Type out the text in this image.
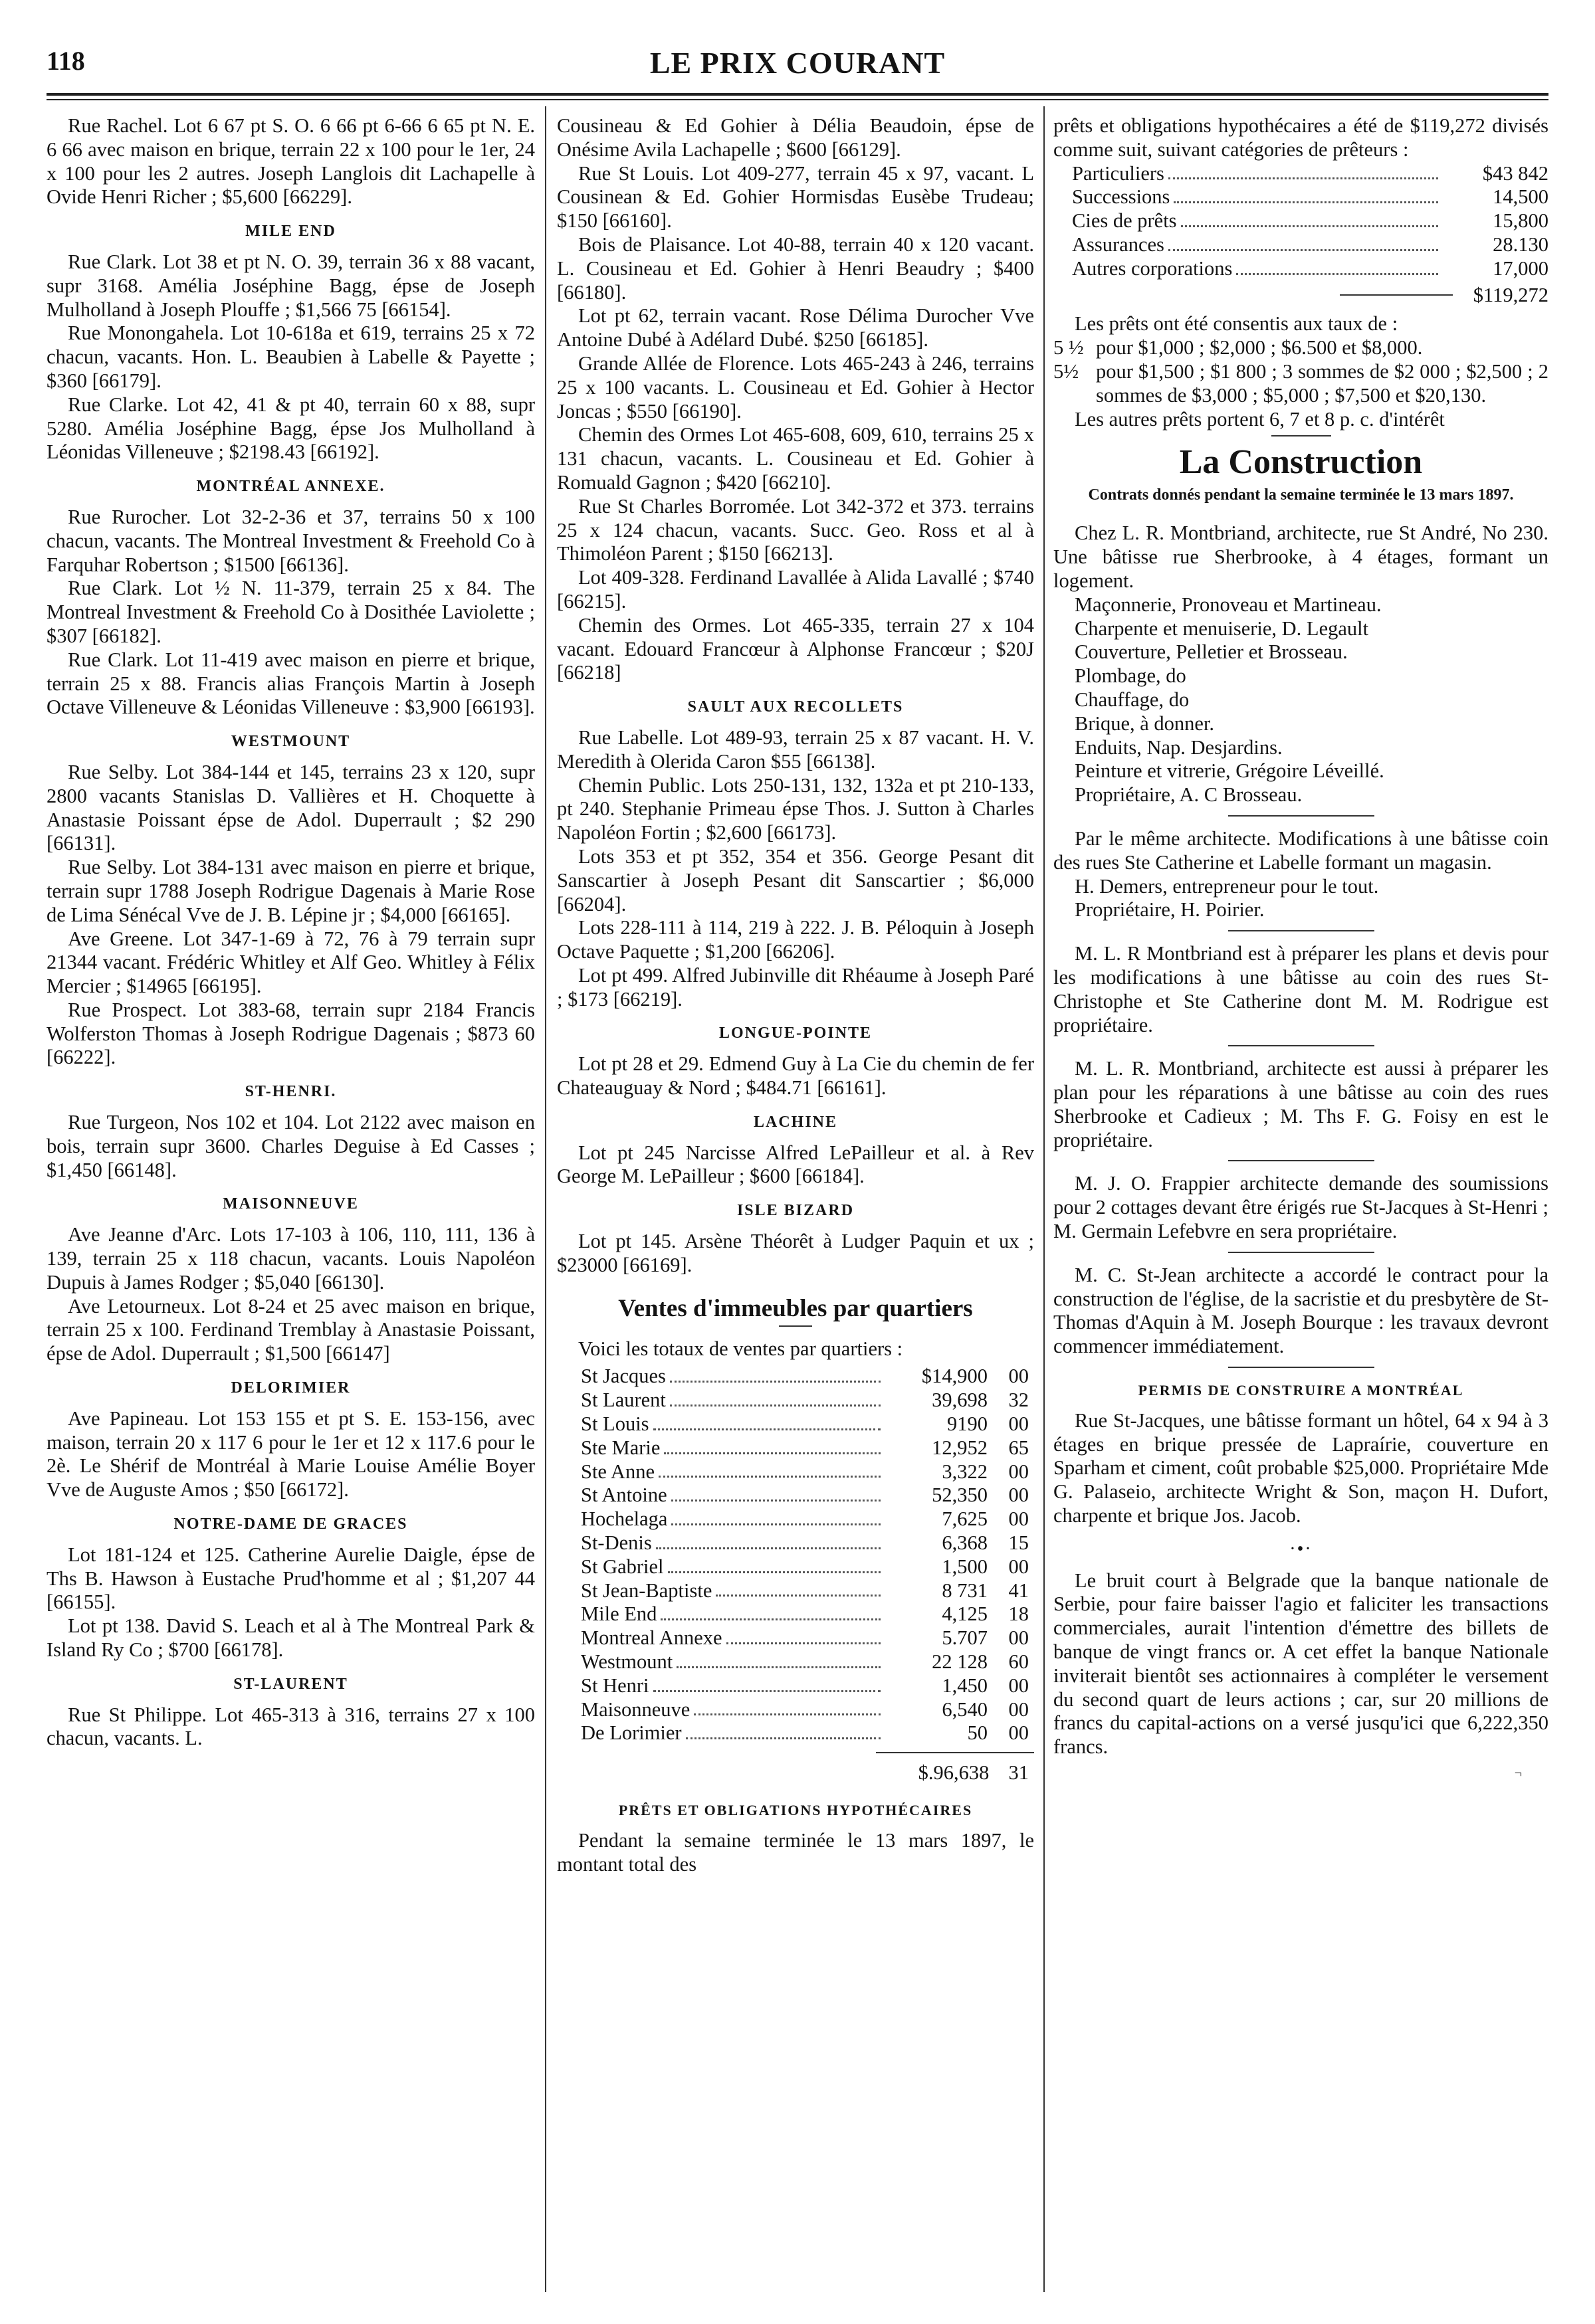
LE PRIX COURANT
118

Rue Rachel. Lot 6 67 pt S. O. 6 66 pt 6-66 6 65 pt N. E. 6 66 avec maison en brique, terrain 22 x 100 pour le 1er, 24 x 100 pour les 2 autres. Joseph Langlois dit Lachapelle à Ovide Henri Richer ; $5,600 [66229].

MILE END

Rue Clark. Lot 38 et pt N. O. 39, terrain 36 x 88 vacant, supr 3168. Amélia Joséphine Bagg, épse de Joseph Mulholland à Joseph Plouffe ; $1,566 75 [66154].

Rue Monongahela. Lot 10-618a et 619, terrains 25 x 72 chacun, vacants. Hon. L. Beaubien à Labelle & Payette ; $360 [66179].

Rue Clarke. Lot 42, 41 & pt 40, terrain 60 x 88, supr 5280. Amélia Joséphine Bagg, épse Jos Mulholland à Léonidas Villeneuve ; $2198.43 [66192].

MONTRÉAL ANNEXE.

Rue Rurocher. Lot 32-2-36 et 37, terrains 50 x 100 chacun, vacants. The Montreal Investment & Freehold Co à Farquhar Robertson ; $1500 [66136].

Rue Clark. Lot ½ N. 11-379, terrain 25 x 84. The Montreal Investment & Freehold Co à Dosithée Laviolette ; $307 [66182].

Rue Clark. Lot 11-419 avec maison en pierre et brique, terrain 25 x 88. Francis alias François Martin à Joseph Octave Villeneuve & Léonidas Villeneuve : $3,900 [66193].

WESTMOUNT

Rue Selby. Lot 384-144 et 145, terrains 23 x 120, supr 2800 vacants Stanislas D. Vallières et H. Choquette à Anastasie Poissant épse de Adol. Duperrault ; $2 290 [66131].

Rue Selby. Lot 384-131 avec maison en pierre et brique, terrain supr 1788 Joseph Rodrigue Dagenais à Marie Rose de Lima Sénécal Vve de J. B. Lépine jr ; $4,000 [66165].

Ave Greene. Lot 347-1-69 à 72, 76 à 79 terrain supr 21344 vacant. Frédéric Whitley et Alf Geo. Whitley à Félix Mercier ; $14965 [66195].

Rue Prospect. Lot 383-68, terrain supr 2184 Francis Wolferston Thomas à Joseph Rodrigue Dagenais ; $873 60 [66222].

ST-HENRI.

Rue Turgeon, Nos 102 et 104. Lot 2122 avec maison en bois, terrain supr 3600. Charles Deguise à Ed Casses ; $1,450 [66148].

MAISONNEUVE

Ave Jeanne d'Arc. Lots 17-103 à 106, 110, 111, 136 à 139, terrain 25 x 118 chacun, vacants. Louis Napoléon Dupuis à James Rodger ; $5,040 [66130].

Ave Letourneux. Lot 8-24 et 25 avec maison en brique, terrain 25 x 100. Ferdinand Tremblay à Anastasie Poissant, épse de Adol. Duperrault ; $1,500 [66147]

DELORIMIER

Ave Papineau. Lot 153 155 et pt S. E. 153-156, avec maison, terrain 20 x 117 6 pour le 1er et 12 x 117.6 pour le 2è. Le Shérif de Montréal à Marie Louise Amélie Boyer Vve de Auguste Amos ; $50 [66172].

NOTRE-DAME DE GRACES

Lot 181-124 et 125. Catherine Aurelie Daigle, épse de Ths B. Hawson à Eustache Prud'homme et al ; $1,207 44 [66155].

Lot pt 138. David S. Leach et al à The Montreal Park & Island Ry Co ; $700 [66178].

ST-LAURENT

Rue St Philippe. Lot 465-313 à 316, terrains 27 x 100 chacun, vacants. L.

Cousineau & Ed Gohier à Délia Beaudoin, épse de Onésime Avila Lachapelle ; $600 [66129].

Rue St Louis. Lot 409-277, terrain 45 x 97, vacant. L Cousinean & Ed. Gohier Hormisdas Eusèbe Trudeau; $150 [66160].

Bois de Plaisance. Lot 40-88, terrain 40 x 120 vacant. L. Cousineau et Ed. Gohier à Henri Beaudry ; $400 [66180].

Lot pt 62, terrain vacant. Rose Délima Durocher Vve Antoine Dubé à Adélard Dubé. $250 [66185].

Grande Allée de Florence. Lots 465-243 à 246, terrains 25 x 100 vacants. L. Cousineau et Ed. Gohier à Hector Joncas ; $550 [66190].

Chemin des Ormes Lot 465-608, 609, 610, terrains 25 x 131 chacun, vacants. L. Cousineau et Ed. Gohier à Romuald Gagnon ; $420 [66210].

Rue St Charles Borromée. Lot 342-372 et 373. terrains 25 x 124 chacun, vacants. Succ. Geo. Ross et al à Thimoléon Parent ; $150 [66213].

Lot 409-328. Ferdinand Lavallée à Alida Lavallé ; $740 [66215].

Chemin des Ormes. Lot 465-335, terrain 27 x 104 vacant. Edouard Francœur à Alphonse Francœur ; $20J [66218]

SAULT AUX RECOLLETS

Rue Labelle. Lot 489-93, terrain 25 x 87 vacant. H. V. Meredith à Olerida Caron $55 [66138].

Chemin Public. Lots 250-131, 132, 132a et pt 210-133, pt 240. Stephanie Primeau épse Thos. J. Sutton à Charles Napoléon Fortin ; $2,600 [66173].

Lots 353 et pt 352, 354 et 356. George Pesant dit Sanscartier à Joseph Pesant dit Sanscartier ; $6,000 [66204].

Lots 228-111 à 114, 219 à 222. J. B. Péloquin à Joseph Octave Paquette ; $1,200 [66206].

Lot pt 499. Alfred Jubinville dit Rhéaume à Joseph Paré ; $173 [66219].

LONGUE-POINTE

Lot pt 28 et 29. Edmend Guy à La Cie du chemin de fer Chateauguay & Nord ; $484.71 [66161].

LACHINE

Lot pt 245 Narcisse Alfred LePailleur et al. à Rev George M. LePailleur ; $600 [66184].

ISLE BIZARD

Lot pt 145. Arsène Théorêt à Ludger Paquin et ux ; $23000 [66169].

Ventes d'immeubles par quartiers

Voici les totaux de ventes par quartiers :

St Jacques	$14,900	00
St Laurent	39,698	32
St Louis	9190	00
Ste Marie	12,952	65
Ste Anne	3,322	00
St Antoine	52,350	00
Hochelaga	7,625	00
St-Denis	6,368	15
St Gabriel	1,500	00
St Jean-Baptiste	8 731	41
Mile End	4,125	18
Montreal Annexe	5.707	00
Westmount	22 128	60
St Henri	1,450	00
Maisonneuve	6,540	00
De Lorimier	50	00
$.96,638 31
PRÊTS ET OBLIGATIONS HYPOTHÉCAIRES

Pendant la semaine terminée le 13 mars 1897, le montant total des

prêts et obligations hypothécaires a été de $119,272 divisés comme suit, suivant catégories de prêteurs :

Particuliers	$43 842
Successions	14,500
Cies de prêts	15,800
Assurances	28.130
Autres corporations	17,000
$119,272

Les prêts ont été consentis aux taux de :

5 ½ pour $1,000 ; $2,000 ; $6.500 et $8,000.
5½ pour $1,500 ; $1 800 ; 3 sommes de $2 000 ; $2,500 ; 2 sommes de $3,000 ; $5,000 ; $7,500 et $20,130.

Les autres prêts portent 6, 7 et 8 p. c. d'intérêt

La Construction
Contrats donnés pendant la semaine terminée le 13 mars 1897.

Chez L. R. Montbriand, architecte, rue St André, No 230. Une bâtisse rue Sherbrooke, à 4 étages, formant un logement.

Maçonnerie, Pronoveau et Martineau.

Charpente et menuiserie, D. Legault

Couverture, Pelletier et Brosseau.

Plombage, do

Chauffage, do

Brique, à donner.

Enduits, Nap. Desjardins.

Peinture et vitrerie, Grégoire Léveillé.

Propriétaire, A. C Brosseau.

Par le même architecte. Modifications à une bâtisse coin des rues Ste Catherine et Labelle formant un magasin.

H. Demers, entrepreneur pour le tout.

Propriétaire, H. Poirier.

M. L. R Montbriand est à préparer les plans et devis pour les modifications à une bâtisse au coin des rues St-Christophe et Ste Catherine dont M. M. Rodrigue est propriétaire.

M. L. R. Montbriand, architecte est aussi à préparer les plan pour les réparations à une bâtisse au coin des rues Sherbrooke et Cadieux ; M. Ths F. G. Foisy en est le propriétaire.

M. J. O. Frappier architecte demande des soumissions pour 2 cottages devant être érigés rue St-Jacques à St-Henri ; M. Germain Lefebvre en sera propriétaire.

M. C. St-Jean architecte a accordé le contract pour la construction de l'église, de la sacristie et du presbytère de St-Thomas d'Aquin à M. Joseph Bourque : les travaux devront commencer immédiatement.

PERMIS DE CONSTRUIRE A MONTRÉAL

Rue St-Jacques, une bâtisse formant un hôtel, 64 x 94 à 3 étages en brique pressée de Lapraírie, couverture en Sparham et ciment, coût probable $25,000. Propriétaire Mde G. Palaseio, architecte Wright & Son, maçon H. Dufort, charpente et brique Jos. Jacob.

·•·

Le bruit court à Belgrade que la banque nationale de Serbie, pour faire baisser l'agio et faliciter les transactions commerciales, aurait l'intention d'émettre des billets de banque de vingt francs or. A cet effet la banque Nationale inviterait bientôt ses actionnaires à compléter le versement du second quart de leurs actions ; car, sur 20 millions de francs du capital-actions on a versé jusqu'ici que 6,222,350 francs.

¬
